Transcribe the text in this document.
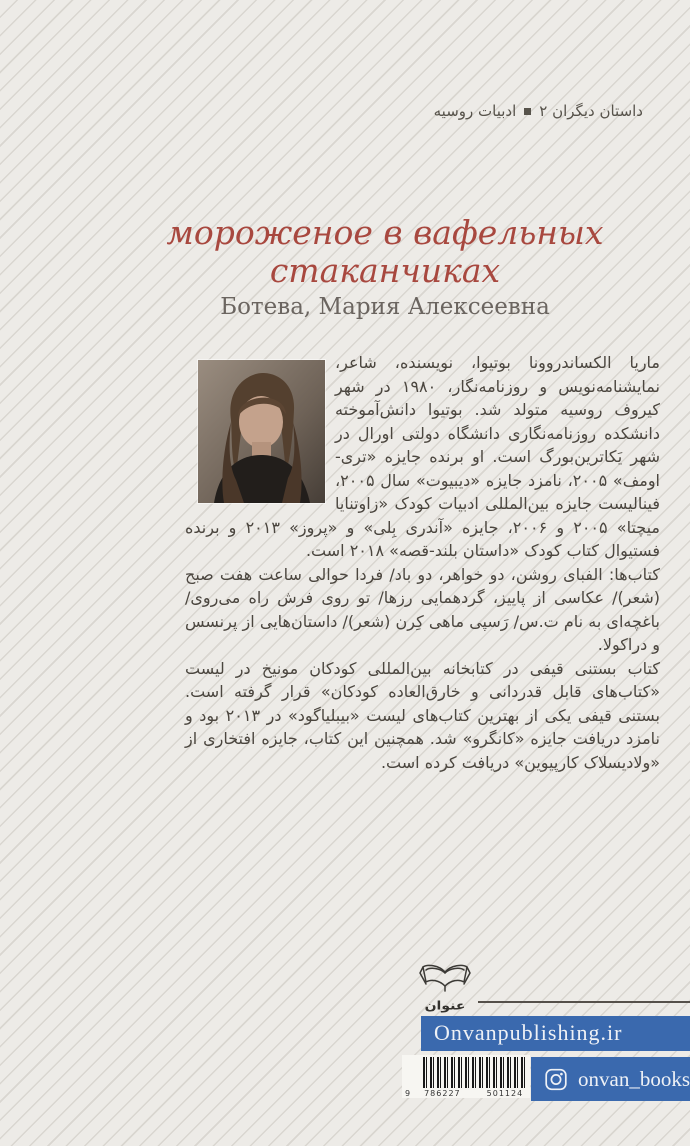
داستان دیگران ۲
ادبیات روسیه
мороженое в вафельных
стаканчиках
Ботева, Мария Алексеевна

ماریا الکساندروونا بوتیوا، نویسنده، شاعر، نمایشنامه‌نویس و روزنامه‌نگار، ۱۹۸۰ در شهر کیروف روسیه متولد شد. بوتیوا دانش‌آموخته دانشکده روزنامه‌نگاری دانشگاه دولتی اورال در شهر یَکاترین‌بورگ است. او برنده جایزه «تری-اومف» ۲۰۰۵، نامزد جایزه «دیبیوت» سال ۲۰۰۵، فینالیست جایزه بین‌المللی ادبیات کودک «زاوتنایا میچتا» ۲۰۰۵ و ۲۰۰۶، جایزه «آندری بِلی» و «پروز» ۲۰۱۳ و برنده فستیوال کتاب کودک «داستان بلند-قصه» ۲۰۱۸ است.

کتاب‌ها: الفبای روشن، دو خواهر، دو باد/ فردا حوالی ساعت هفت صبح (شعر)/ عکاسی از پاییز، گردهمایی رزها/ تو روی فرش راه می‌روی/ باغچه‌ای به نام ت.س/ رَسپی ماهی کِرن (شعر)/ داستان‌هایی از پرنسس و دراکولا.

کتاب بستنی قیفی در کتابخانه بین‌المللی کودکان مونیخ در لیست «کتاب‌های قابل قدردانی و خارق‌العاده کودکان» قرار گرفته است. بستنی قیفی یکی از بهترین کتاب‌های لیست «بیبلیاگود» در ۲۰۱۳ بود و نامزد دریافت جایزه «کانگرو» شد. همچنین این کتاب، جایزه افتخاری از «ولادیسلاک کارپیوین» دریافت کرده است.

عنوان
Onvanpublishing.ir
9 786227	501124
onvan_books
